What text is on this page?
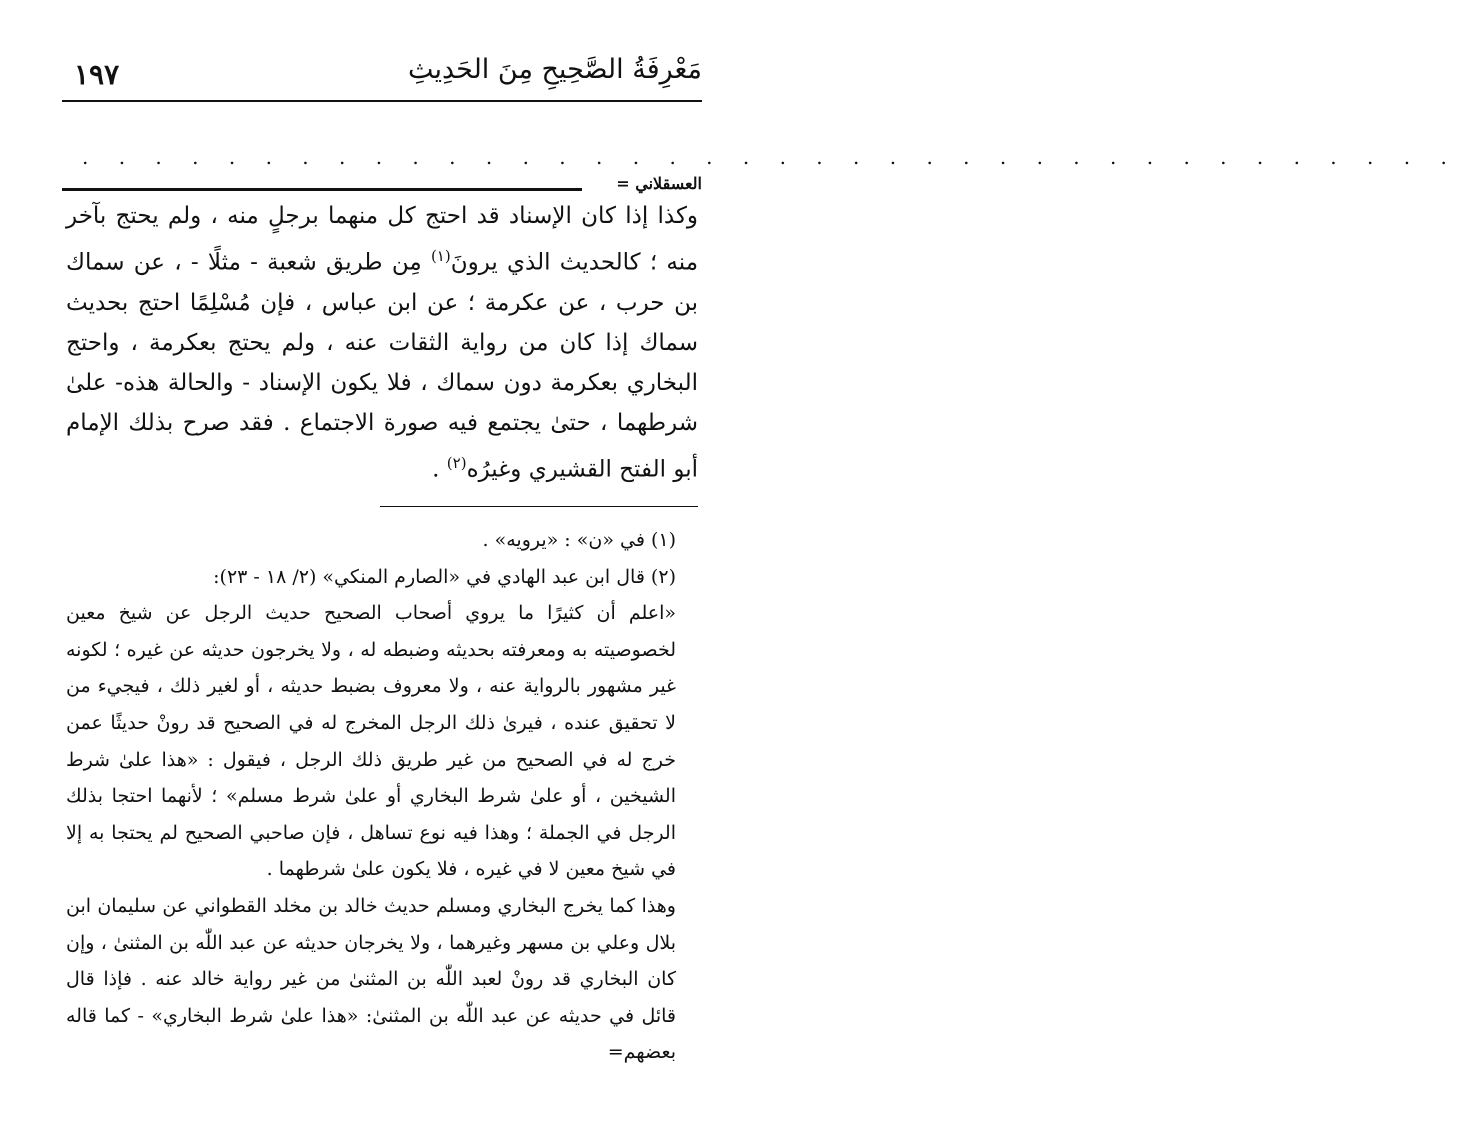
مَعْرِفَةُ الصَّحِيحِ مِنَ الحَدِيثِ
١٩٧
. . . . . . . . . . . . . . . . . . . . . . . . . . . . . . . . . . . . . .
العسقلاني =

وكذا إذا كان الإسناد قد احتج كل منهما برجلٍ منه ، ولم يحتج بآخر منه ؛ كالحديث الذي يرونَ$^{(١)}$ مِن طريق شعبة - مثلًا - ، عن سماك بن حرب ، عن عكرمة ؛ عن ابن عباس ، فإن مُسْلِمًا احتج بحديث سماك إذا كان من رواية الثقات عنه ، ولم يحتج بعكرمة ، واحتج البخاري بعكرمة دون سماك ، فلا يكون الإسناد - والحالة هذه- علىٰ شرطهما ، حتىٰ يجتمع فيه صورة الاجتماع . فقد صرح بذلك الإمام أبو الفتح القشيري وغيرُه$^{(٢)}$ .

(١) في «ن» : «يرويه» .

(٢) قال ابن عبد الهادي في «الصارم المنكي» (٢/ ١٨ - ٢٣):

«اعلم أن كثيرًا ما يروي أصحاب الصحيح حديث الرجل عن شيخ معين لخصوصيته به ومعرفته بحديثه وضبطه له ، ولا يخرجون حديثه عن غيره ؛ لكونه غير مشهور بالرواية عنه ، ولا معروف بضبط حديثه ، أو لغير ذلك ، فيجيء من لا تحقيق عنده ، فيرىٰ ذلك الرجل المخرج له في الصحيح قد رونْ حديثًا عمن خرج له في الصحيح من غير طريق ذلك الرجل ، فيقول : «هذا علىٰ شرط الشيخين ، أو علىٰ شرط البخاري أو علىٰ شرط مسلم» ؛ لأنهما احتجا بذلك الرجل في الجملة ؛ وهذا فيه نوع تساهل ، فإن صاحبي الصحيح لم يحتجا به إلا في شيخ معين لا في غيره ، فلا يكون علىٰ شرطهما .

وهذا كما يخرج البخاري ومسلم حديث خالد بن مخلد القطواني عن سليمان ابن بلال وعلي بن مسهر وغيرهما ، ولا يخرجان حديثه عن عبد اللّٰه بن المثنىٰ ، وإن كان البخاري قد رونْ لعبد اللّٰه بن المثنىٰ من غير رواية خالد عنه . فإذا قال قائل في حديثه عن عبد اللّٰه بن المثنىٰ: «هذا علىٰ شرط البخاري» - كما قاله بعضهم=
